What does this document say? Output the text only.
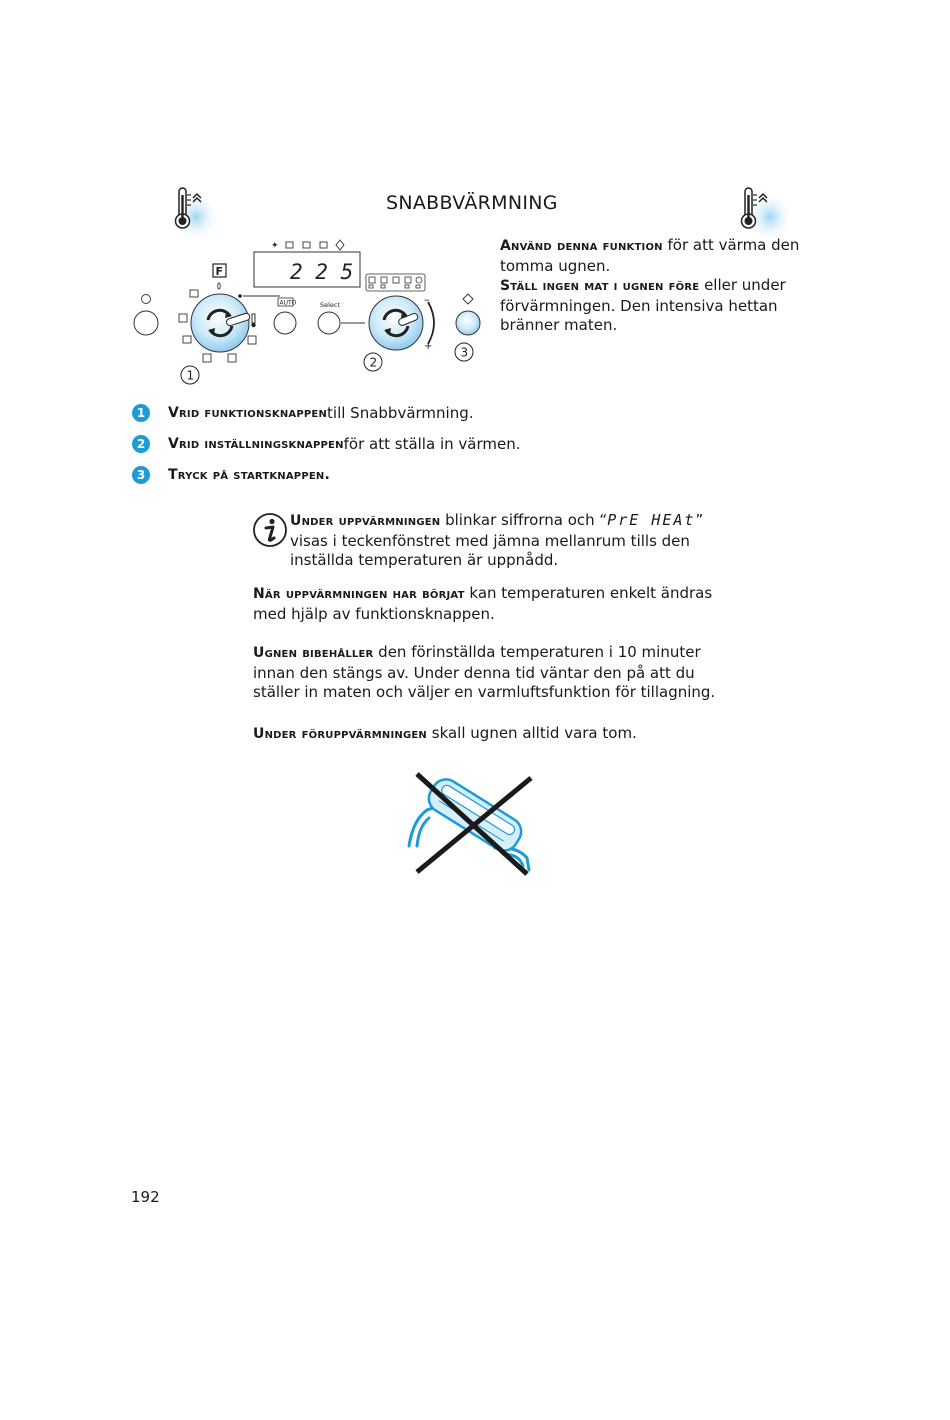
SNABBVÄRMNING
✦
2 2 5
F
AUTO	Select	–
+
1
2
3
Använd denna funktion för att värma den tomma ugnen.
Ställ ingen mat i ugnen före eller under förvärmningen. Den intensiva hettan bränner maten.
1	Vrid funktionsknappen till Snabbvärmning.
2	Vrid inställningsknappen för att ställa in värmen.
3	Tryck på startknappen.
Under uppvärmningen blinkar siffrorna och “PrE HEAt” visas i teckenfönstret med jämna mellanrum tills den inställda temperaturen är uppnådd.
När uppvärmningen har börjat kan temperaturen enkelt ändras med hjälp av funktionsknappen.
Ugnen bibehåller den förinställda temperaturen i 10 minuter innan den stängs av. Under denna tid väntar den på att du ställer in maten och väljer en varmluftsfunktion för tillagning.
Under föruppvärmningen skall ugnen alltid vara tom.
192
